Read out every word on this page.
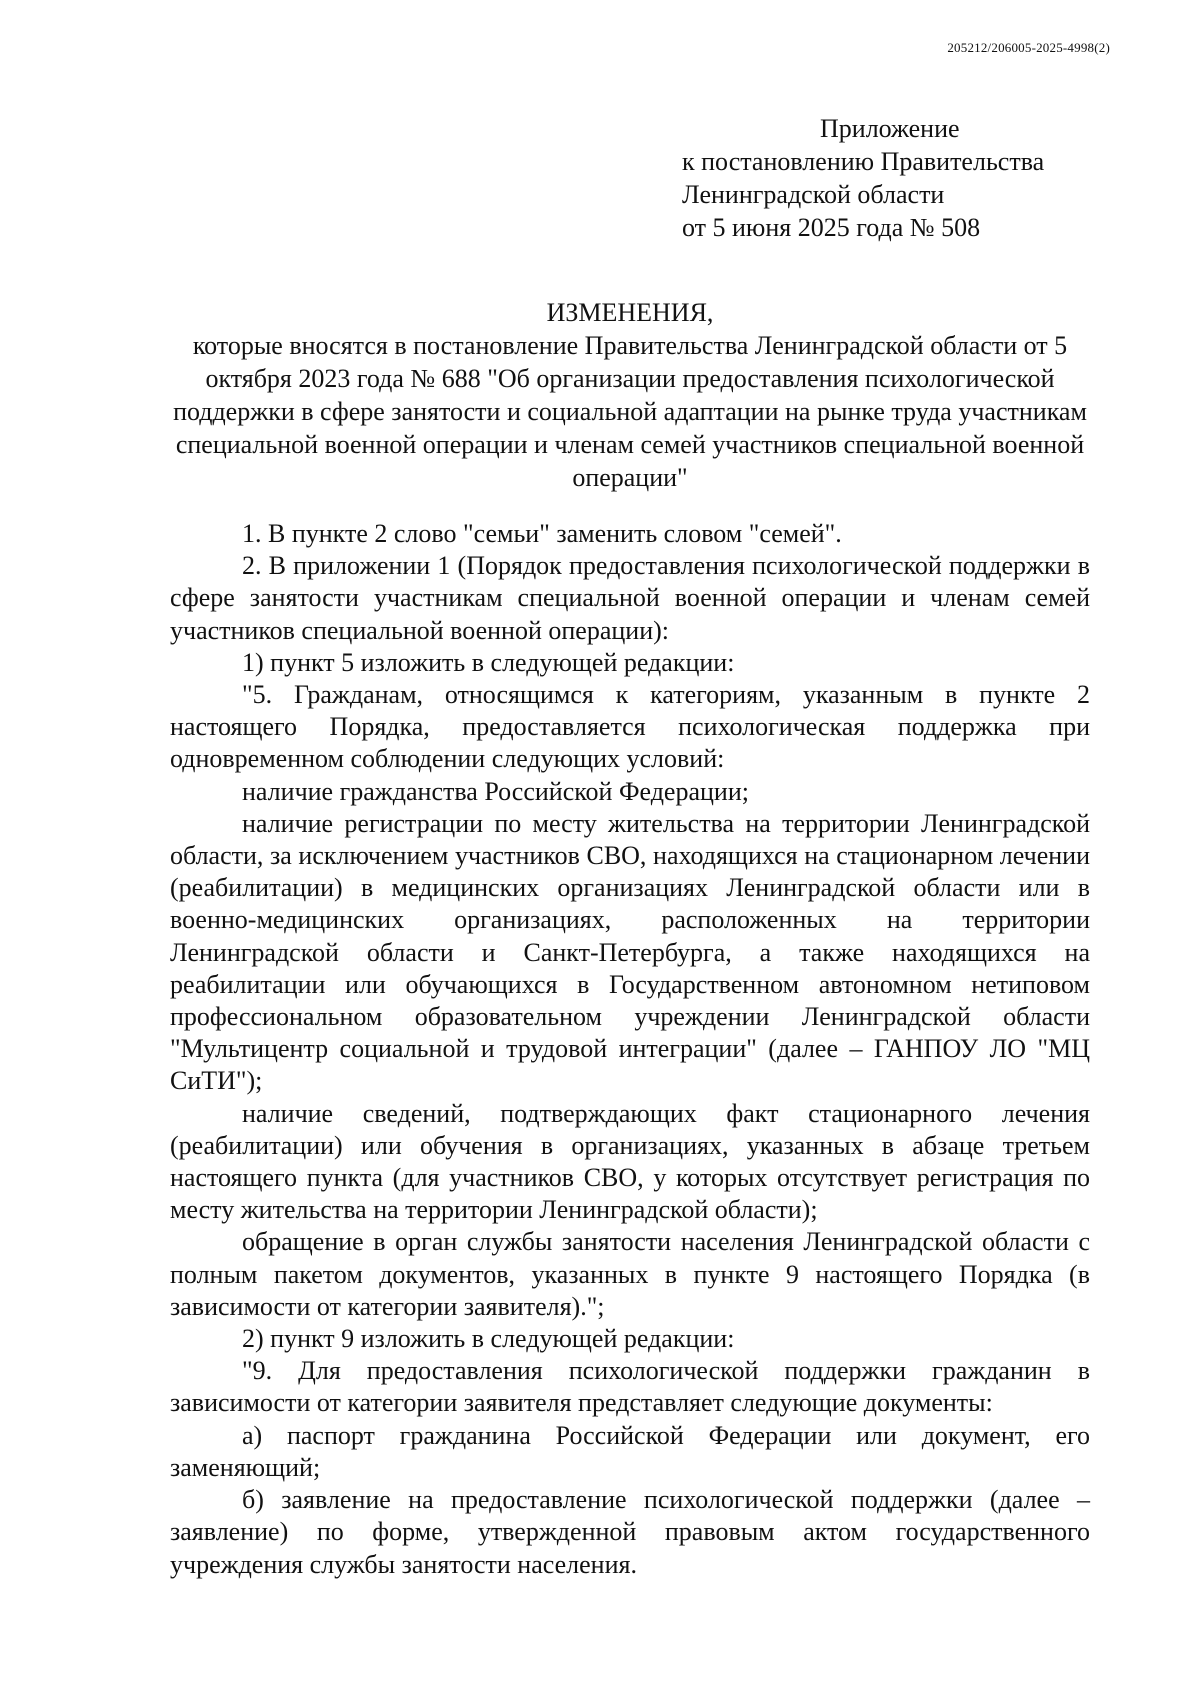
205212/206005-2025-4998(2)
Приложение
к постановлению Правительства
Ленинградской области
от 5 июня 2025 года № 508
ИЗМЕНЕНИЯ,
которые вносятся в постановление Правительства Ленинградской области от 5 октября 2023 года № 688 "Об организации предоставления психологической поддержки в сфере занятости и социальной адаптации на рынке труда участникам специальной военной операции и членам семей участников специальной военной операции"

1. В пункте 2 слово "семьи" заменить словом "семей".

2. В приложении 1 (Порядок предоставления психологической поддержки в сфере занятости участникам специальной военной операции и членам семей участников специальной военной операции):

1) пункт 5 изложить в следующей редакции:

"5. Гражданам, относящимся к категориям, указанным в пункте 2 настоящего Порядка, предоставляется психологическая поддержка при одновременном соблюдении следующих условий:

наличие гражданства Российской Федерации;

наличие регистрации по месту жительства на территории Ленинградской области, за исключением участников СВО, находящихся на стационарном лечении (реабилитации) в медицинских организациях Ленинградской области или в военно-медицинских организациях, расположенных на территории Ленинградской области и Санкт-Петербурга, а также находящихся на реабилитации или обучающихся в Государственном автономном нетиповом профессиональном образовательном учреждении Ленинградской области "Мультицентр социальной и трудовой интеграции" (далее – ГАНПОУ ЛО "МЦ СиТИ");

наличие сведений, подтверждающих факт стационарного лечения (реабилитации) или обучения в организациях, указанных в абзаце третьем настоящего пункта (для участников СВО, у которых отсутствует регистрация по месту жительства на территории Ленинградской области);

обращение в орган службы занятости населения Ленинградской области с полным пакетом документов, указанных в пункте 9 настоящего Порядка (в зависимости от категории заявителя).";

2) пункт 9 изложить в следующей редакции:

"9. Для предоставления психологической поддержки гражданин в зависимости от категории заявителя представляет следующие документы:

а) паспорт гражданина Российской Федерации или документ, его заменяющий;

б) заявление на предоставление психологической поддержки (далее – заявление) по форме, утвержденной правовым актом государственного учреждения службы занятости населения.
